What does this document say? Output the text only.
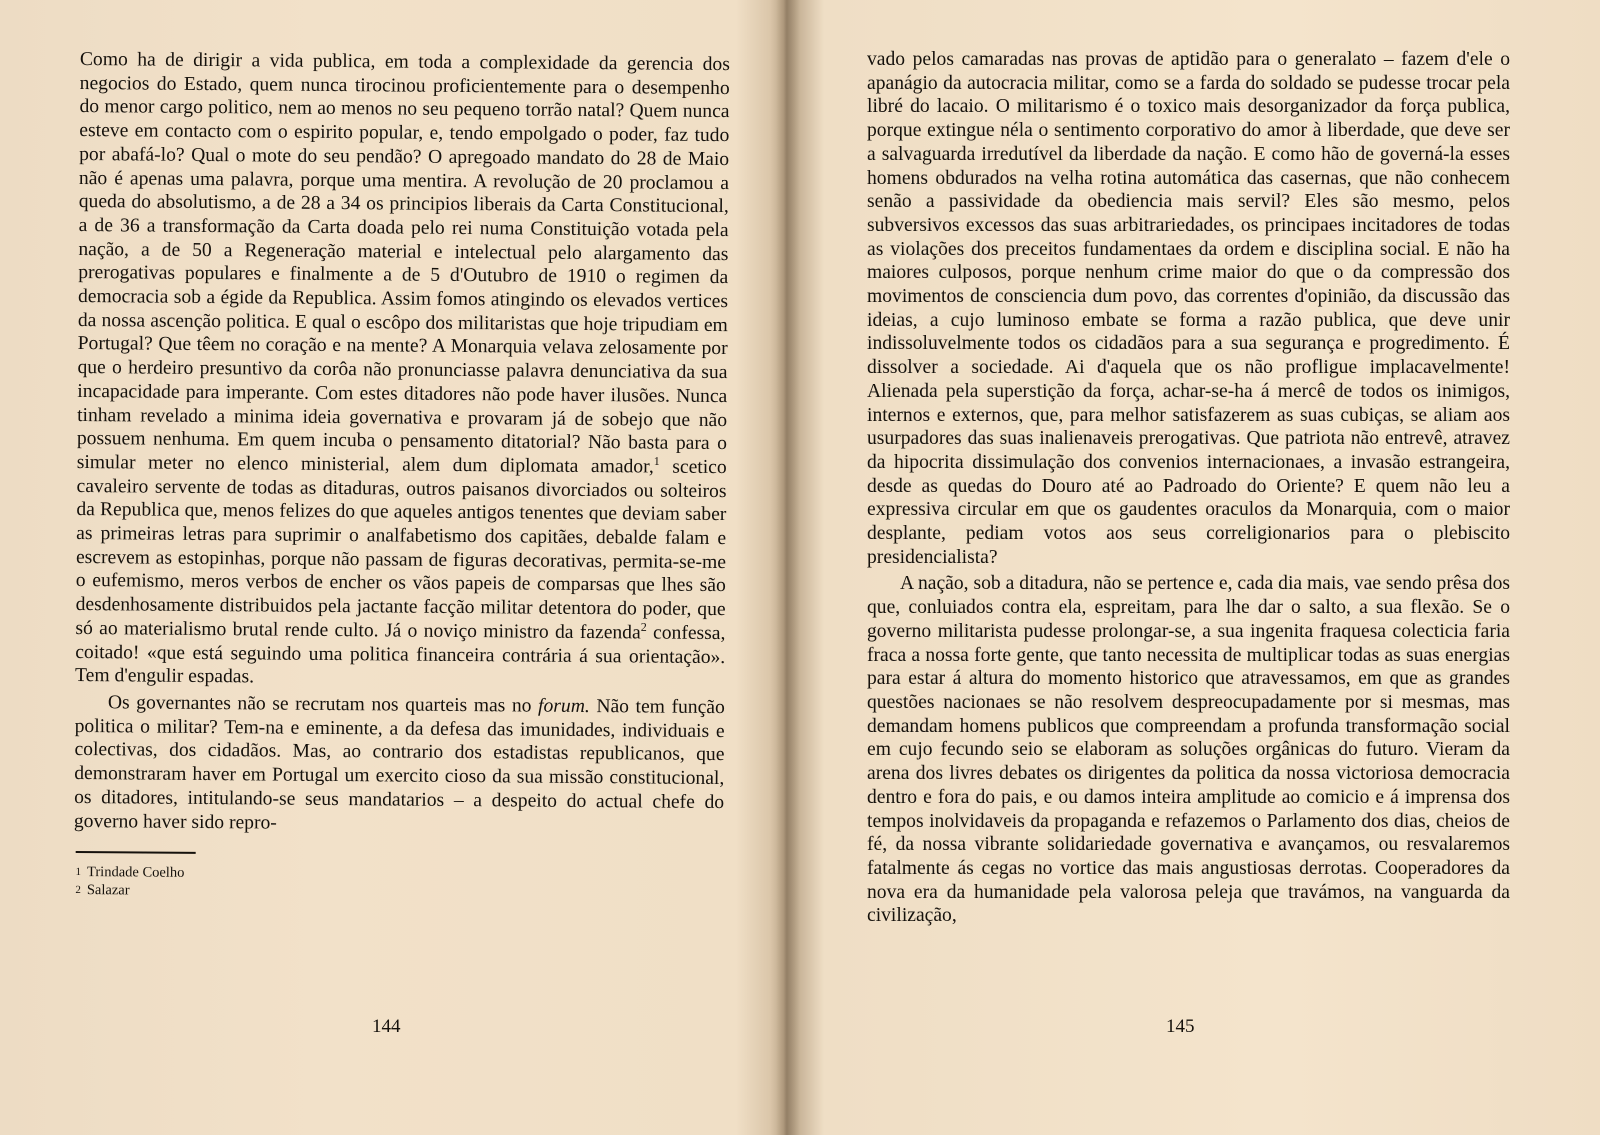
Como ha de dirigir a vida publica, em toda a complexidade da gerencia dos negocios do Estado, quem nunca tirocinou proficientemente para o desempenho do menor cargo politico, nem ao menos no seu pequeno torrão natal? Quem nunca esteve em contacto com o espirito popular, e, tendo empolgado o poder, faz tudo por abafá-lo? Qual o mote do seu pendão? O apregoado mandato do 28 de Maio não é apenas uma palavra, porque uma mentira. A revolução de 20 proclamou a queda do absolutismo, a de 28 a 34 os principios liberais da Carta Constitucional, a de 36 a transformação da Carta doada pelo rei numa Constituição votada pela nação, a de 50 a Regeneração material e intelectual pelo alargamento das prerogativas populares e finalmente a de 5 d'Outubro de 1910 o regimen da democracia sob a égide da Republica. Assim fomos atingindo os elevados vertices da nossa ascenção politica. E qual o escôpo dos militaristas que hoje tripudiam em Portugal? Que têem no coração e na mente? A Monarquia velava zelosamente por que o herdeiro presuntivo da corôa não pronunciasse palavra denunciativa da sua incapacidade para imperante. Com estes ditadores não pode haver ilusões. Nunca tinham revelado a minima ideia governativa e provaram já de sobejo que não possuem nenhuma. Em quem incuba o pensamento ditatorial? Não basta para o simular meter no elenco ministerial, alem dum diplomata amador,$^1$ scetico cavaleiro servente de todas as ditaduras, outros paisanos divorciados ou solteiros da Republica que, menos felizes do que aqueles antigos tenentes que deviam saber as primeiras letras para suprimir o analfabetismo dos capitães, debalde falam e escrevem as estopinhas, porque não passam de figuras decorativas, permita-se-me o eufemismo, meros verbos de encher os vãos papeis de comparsas que lhes são desdenhosamente distribuidos pela jactante facção militar detentora do poder, que só ao materialismo brutal rende culto. Já o noviço ministro da fazenda$^2$ confessa, coitado! «que está seguindo uma politica financeira contrária á sua orientação». Tem d'engulir espadas.

Os governantes não se recrutam nos quarteis mas no forum. Não tem função politica o militar? Tem-na e eminente, a da defesa das imunidades, individuais e colectivas, dos cidadãos. Mas, ao contrario dos estadistas republicanos, que demonstraram haver em Portugal um exercito cioso da sua missão constitucional, os ditadores, intitulando-se seus mandatarios – a despeito do actual chefe do governo haver sido repro-

$^1$ Trindade Coelho
$^2$ Salazar

vado pelos camaradas nas provas de aptidão para o generalato – fazem d'ele o apanágio da autocracia militar, como se a farda do soldado se pudesse trocar pela libré do lacaio. O militarismo é o toxico mais desorganizador da força publica, porque extingue néla o sentimento corporativo do amor à liberdade, que deve ser a salvaguarda irredutível da liberdade da nação. E como hão de governá-la esses homens obdurados na velha rotina automática das casernas, que não conhecem senão a passividade da obediencia mais servil? Eles são mesmo, pelos subversivos excessos das suas arbitrariedades, os principaes incitadores de todas as violações dos preceitos fundamentaes da ordem e disciplina social. E não ha maiores culposos, porque nenhum crime maior do que o da compressão dos movimentos de consciencia dum povo, das correntes d'opinião, da discussão das ideias, a cujo luminoso embate se forma a razão publica, que deve unir indissoluvelmente todos os cidadãos para a sua segurança e progredimento. É dissolver a sociedade. Ai d'aquela que os não profligue implacavelmente! Alienada pela superstição da força, achar-se-ha á mercê de todos os inimigos, internos e externos, que, para melhor satisfazerem as suas cubiças, se aliam aos usurpadores das suas inalienaveis prerogativas. Que patriota não entrevê, atravez da hipocrita dissimulação dos convenios internacionaes, a invasão estrangeira, desde as quedas do Douro até ao Padroado do Oriente? E quem não leu a expressiva circular em que os gaudentes oraculos da Monarquia, com o maior desplante, pediam votos aos seus correligionarios para o plebiscito presidencialista?

A nação, sob a ditadura, não se pertence e, cada dia mais, vae sendo prêsa dos que, conluiados contra ela, espreitam, para lhe dar o salto, a sua flexão. Se o governo militarista pudesse prolongar-se, a sua ingenita fraquesa colecticia faria fraca a nossa forte gente, que tanto necessita de multiplicar todas as suas energias para estar á altura do momento historico que atravessamos, em que as grandes questões nacionaes se não resolvem despreocupadamente por si mesmas, mas demandam homens publicos que compreendam a profunda transformação social em cujo fecundo seio se elaboram as soluções orgânicas do futuro. Vieram da arena dos livres debates os dirigentes da politica da nossa victoriosa democracia dentro e fora do pais, e ou damos inteira amplitude ao comicio e á imprensa dos tempos inolvidaveis da propaganda e refazemos o Parlamento dos dias, cheios de fé, da nossa vibrante solidariedade governativa e avançamos, ou resvalaremos fatalmente ás cegas no vortice das mais angustiosas derrotas. Cooperadores da nova era da humanidade pela valorosa peleja que travámos, na vanguarda da civilização,

144	145
